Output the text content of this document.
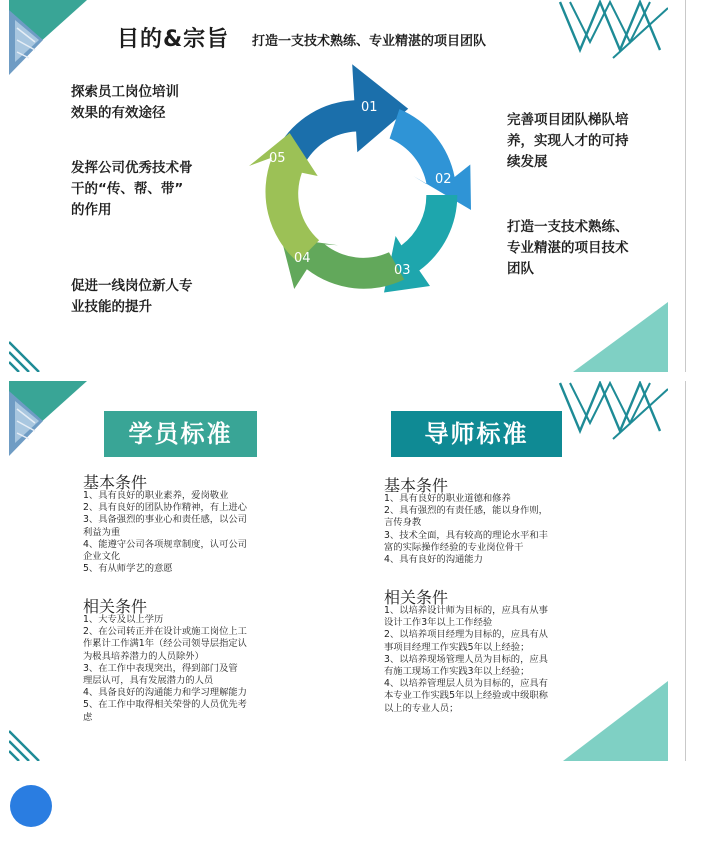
目的&宗旨 打造一支技术熟练、专业精湛的项目团队
01
02
03
04
05
探索员工岗位培训
效果的有效途径
发挥公司优秀技术骨
干的“传、帮、带”
的作用
促进一线岗位新人专
业技能的提升
完善项目团队梯队培
养，实现人才的可持
续发展
打造一支技术熟练、
专业精湛的项目技术
团队
学员标准	导师标准
基本条件
1、具有良好的职业素养，爱岗敬业
2、具有良好的团队协作精神，有上进心
3、具备强烈的事业心和责任感，以公司
利益为重
4、能遵守公司各项规章制度，认可公司
企业文化
5、有从师学艺的意愿
相关条件
1、大专及以上学历
2、在公司转正并在设计或施工岗位上工
作累计工作满1年（经公司领导层指定认
为极具培养潜力的人员除外）
3、在工作中表现突出，得到部门及管
理层认可，具有发展潜力的人员
4、具备良好的沟通能力和学习理解能力
5、在工作中取得相关荣誉的人员优先考
虑
基本条件
1、具有良好的职业道德和修养
2、具有强烈的有责任感，能以身作则，
言传身教
3、技术全面，具有较高的理论水平和丰
富的实际操作经验的专业岗位骨干
4、具有良好的沟通能力
相关条件
1、以培养设计师为目标的，应具有从事
设计工作3年以上工作经验
2、以培养项目经理为目标的，应具有从
事项目经理工作实践5年以上经验；
3、以培养现场管理人员为目标的，应具
有施工现场工作实践3年以上经验；
4、以培养管理层人员为目标的，应具有
本专业工作实践5年以上经验或中级职称
以上的专业人员；
